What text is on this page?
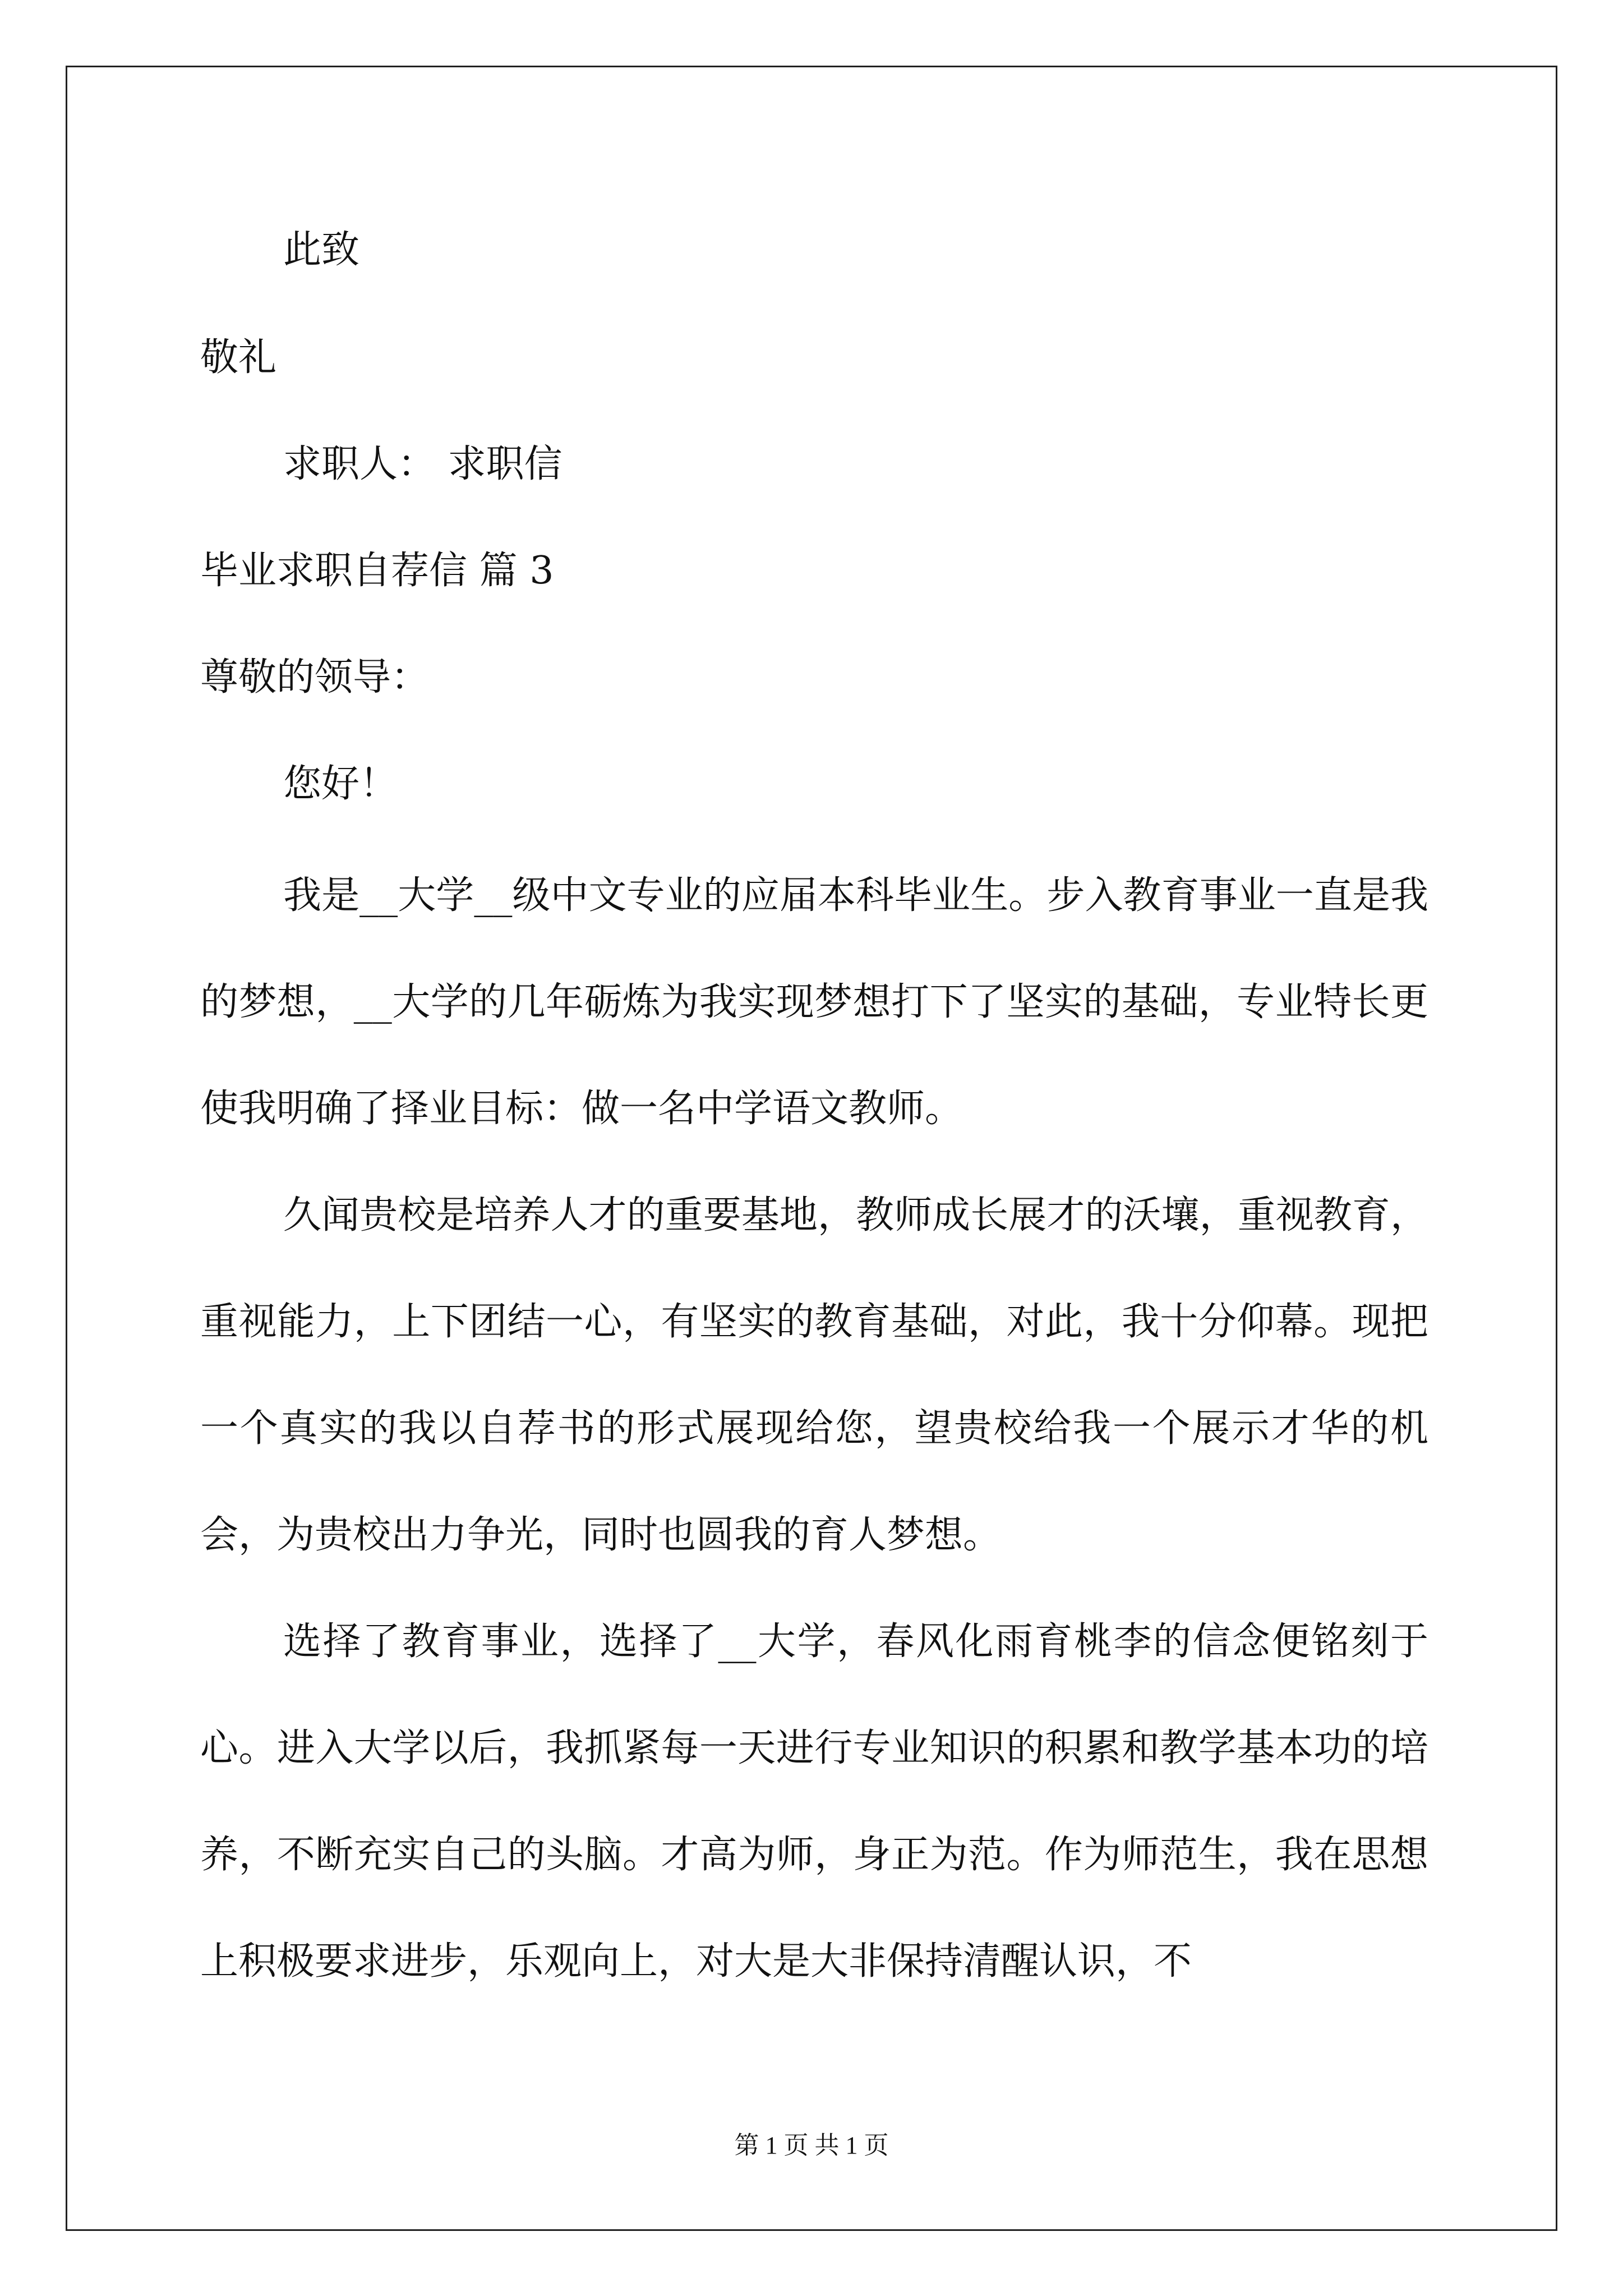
此致
敬礼
求职人： 求职信
毕业求职自荐信 篇 3
尊敬的领导：
您好！

我是__大学__级中文专业的应届本科毕业生。步入教育事业一直是我的梦想，__大学的几年砺炼为我实现梦想打下了坚实的基础，专业特长更使我明确了择业目标：做一名中学语文教师。

久闻贵校是培养人才的重要基地，教师成长展才的沃壤，重视教育，重视能力，上下团结一心，有坚实的教育基础，对此，我十分仰幕。现把一个真实的我以自荐书的形式展现给您，望贵校给我一个展示才华的机会，为贵校出力争光，同时也圆我的育人梦想。

选择了教育事业，选择了__大学，春风化雨育桃李的信念便铭刻于心。进入大学以后，我抓紧每一天进行专业知识的积累和教学基本功的培养，不断充实自己的头脑。才高为师，身正为范。作为师范生，我在思想上积极要求进步，乐观向上，对大是大非保持清醒认识，不

第 1 页 共 1 页
